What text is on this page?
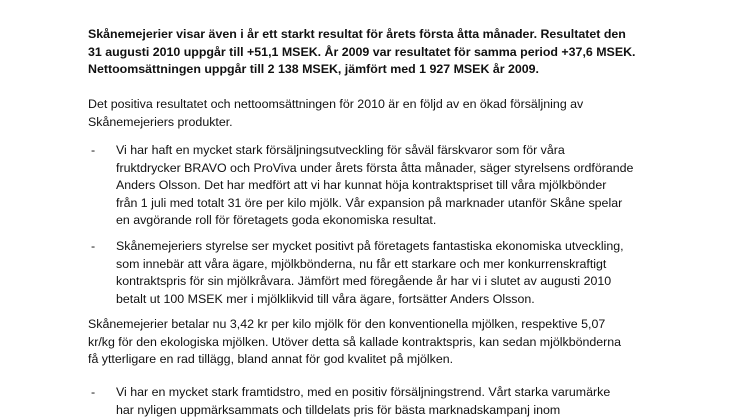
Skånemejerier visar även i år ett starkt resultat för årets första åtta månader. Resultatet den
31 augusti 2010 uppgår till +51,1 MSEK. År 2009 var resultatet för samma period +37,6 MSEK.
Nettoomsättningen uppgår till 2 138 MSEK, jämfört med 1 927 MSEK år 2009.

Det positiva resultatet och nettoomsättningen för 2010 är en följd av en ökad försäljning av
Skånemejeriers produkter.

- Vi har haft en mycket stark försäljningsutveckling för såväl färskvaror som för våra
fruktdrycker BRAVO och ProViva under årets första åtta månader, säger styrelsens ordförande
Anders Olsson. Det har medfört att vi har kunnat höja kontraktspriset till våra mjölkbönder
från 1 juli med totalt 31 öre per kilo mjölk. Vår expansion på marknader utanför Skåne spelar
en avgörande roll för företagets goda ekonomiska resultat.

- Skånemejeriers styrelse ser mycket positivt på företagets fantastiska ekonomiska utveckling,
som innebär att våra ägare, mjölkbönderna, nu får ett starkare och mer konkurrenskraftigt
kontraktspris för sin mjölkråvara. Jämfört med föregående år har vi i slutet av augusti 2010
betalt ut 100 MSEK mer i mjölklikvid till våra ägare, fortsätter Anders Olsson.

Skånemejerier betalar nu 3,42 kr per kilo mjölk för den konventionella mjölken, respektive 5,07
kr/kg för den ekologiska mjölken. Utöver detta så kallade kontraktspris, kan sedan mjölkbönderna
få ytterligare en rad tillägg, bland annat för god kvalitet på mjölken.

- Vi har en mycket stark framtidstro, med en positiv försäljningstrend. Vårt starka varumärke
har nyligen uppmärksammats och tilldelats pris för bästa marknadskampanj inom
